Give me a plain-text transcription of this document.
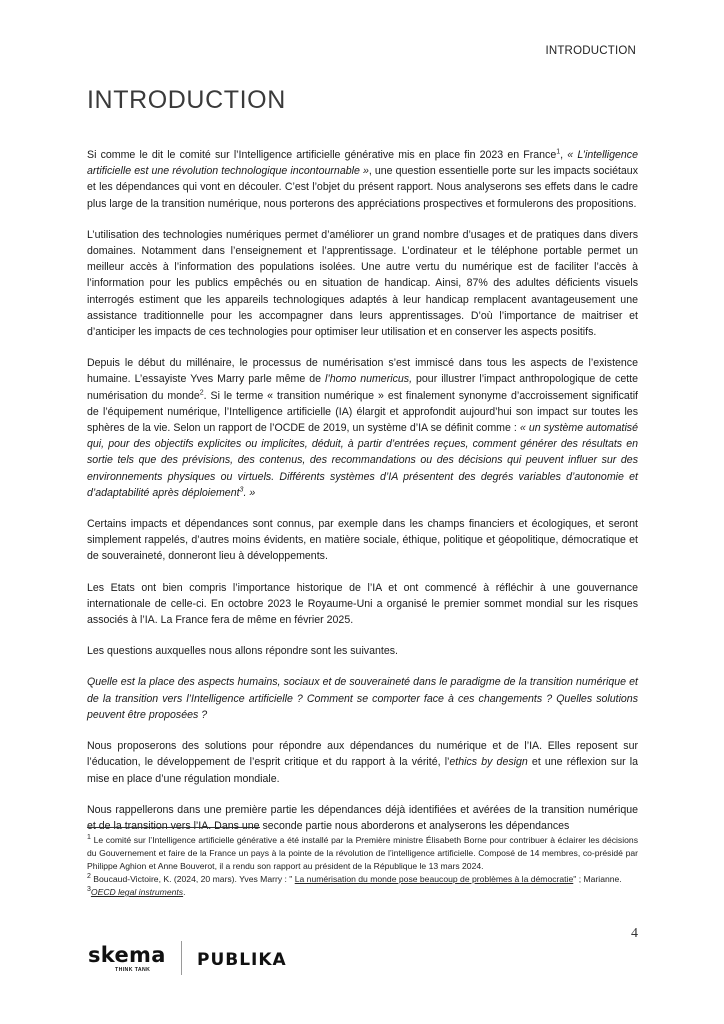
INTRODUCTION
INTRODUCTION

Si comme le dit le comité sur l’Intelligence artificielle générative mis en place fin 2023 en France$^1$, « L’intelligence artificielle est une révolution technologique incontournable », une question essentielle porte sur les impacts sociétaux et les dépendances qui vont en découler. C’est l’objet du présent rapport. Nous analyserons ses effets dans le cadre plus large de la transition numérique, nous porterons des appréciations prospectives et formulerons des propositions.

L’utilisation des technologies numériques permet d’améliorer un grand nombre d’usages et de pratiques dans divers domaines. Notamment dans l’enseignement et l’apprentissage. L’ordinateur et le téléphone portable permet un meilleur accès à l’information des populations isolées. Une autre vertu du numérique est de faciliter l’accès à l’information pour les publics empêchés ou en situation de handicap. Ainsi, 87% des adultes déficients visuels interrogés estiment que les appareils technologiques adaptés à leur handicap remplacent avantageusement une assistance traditionnelle pour les accompagner dans leurs apprentissages. D’où l’importance de maitriser et d’anticiper les impacts de ces technologies pour optimiser leur utilisation et en conserver les aspects positifs.

Depuis le début du millénaire, le processus de numérisation s’est immiscé dans tous les aspects de l’existence humaine. L’essayiste Yves Marry parle même de l’homo numericus, pour illustrer l’impact anthropologique de cette numérisation du monde$^2$. Si le terme « transition numérique » est finalement synonyme d’accroissement significatif de l’équipement numérique, l’Intelligence artificielle (IA) élargit et approfondit aujourd’hui son impact sur toutes les sphères de la vie. Selon un rapport de l’OCDE de 2019, un système d’IA se définit comme : « un système automatisé qui, pour des objectifs explicites ou implicites, déduit, à partir d’entrées reçues, comment générer des résultats en sortie tels que des prévisions, des contenus, des recommandations ou des décisions qui peuvent influer sur des environnements physiques ou virtuels. Différents systèmes d’IA présentent des degrés variables d’autonomie et d’adaptabilité après déploiement$^3$. »

Certains impacts et dépendances sont connus, par exemple dans les champs financiers et écologiques, et seront simplement rappelés, d’autres moins évidents, en matière sociale, éthique, politique et géopolitique, démocratique et de souveraineté, donneront lieu à développements.

Les Etats ont bien compris l’importance historique de l’IA et ont commencé à réfléchir à une gouvernance internationale de celle-ci. En octobre 2023 le Royaume-Uni a organisé le premier sommet mondial sur les risques associés à l’IA. La France fera de même en février 2025.

Les questions auxquelles nous allons répondre sont les suivantes.

Quelle est la place des aspects humains, sociaux et de souveraineté dans le paradigme de la transition numérique et de la transition vers l’Intelligence artificielle ? Comment se comporter face à ces changements ? Quelles solutions peuvent être proposées ?

Nous proposerons des solutions pour répondre aux dépendances du numérique et de l’IA. Elles reposent sur l’éducation, le développement de l’esprit critique et du rapport à la vérité, l’ethics by design et une réflexion sur la mise en place d’une régulation mondiale.

Nous rappellerons dans une première partie les dépendances déjà identifiées et avérées de la transition numérique et de la transition vers l’IA. Dans une seconde partie nous aborderons et analyserons les dépendances

$^1$ Le comité sur l’Intelligence artificielle générative a été installé par la Première ministre Élisabeth Borne pour contribuer à éclairer les décisions du Gouvernement et faire de la France un pays à la pointe de la révolution de l’intelligence artificielle. Composé de 14 membres, co-présidé par Philippe Aghion et Anne Bouverot, il a rendu son rapport au président de la République le 13 mars 2024.

$^2$ Boucaud-Victoire, K. (2024, 20 mars). Yves Marry : " La numérisation du monde pose beaucoup de problèmes à la démocratie" ; Marianne.

$^3$OECD legal instruments.

4
skema
THINK TANK	PUBLIKA
